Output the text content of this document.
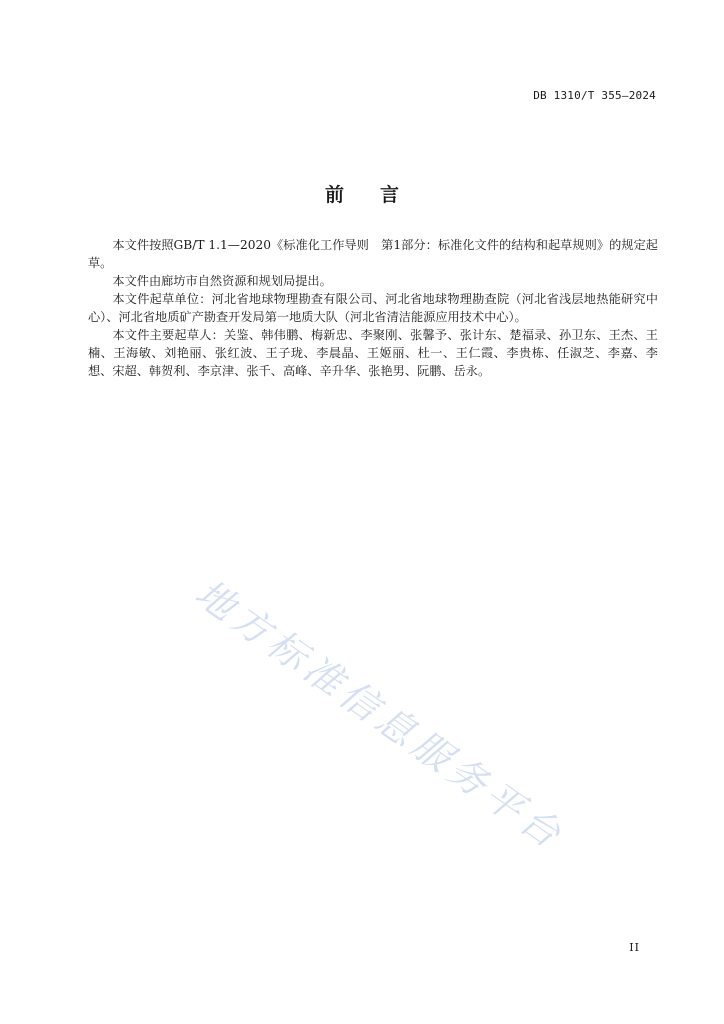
DB 1310/T 355—2024
前言

本文件按照GB/T 1.1—2020《标准化工作导则　第1部分：标准化文件的结构和起草规则》的规定起草。

本文件由廊坊市自然资源和规划局提出。

本文件起草单位：河北省地球物理勘查有限公司、河北省地球物理勘查院（河北省浅层地热能研究中心）、河北省地质矿产勘查开发局第一地质大队（河北省清洁能源应用技术中心）。

本文件主要起草人：关鉴、韩伟鹏、梅新忠、李聚刚、张馨予、张计东、楚福录、孙卫东、王杰、王楠、王海敏、刘艳丽、张红波、王子珑、李晨晶、王姬丽、杜一、王仁霞、李贵栋、任淑芝、李嘉、李想、宋超、韩贺利、李京津、张千、高峰、辛升华、张艳男、阮鹏、岳永。

地方标准信息服务平台
II
